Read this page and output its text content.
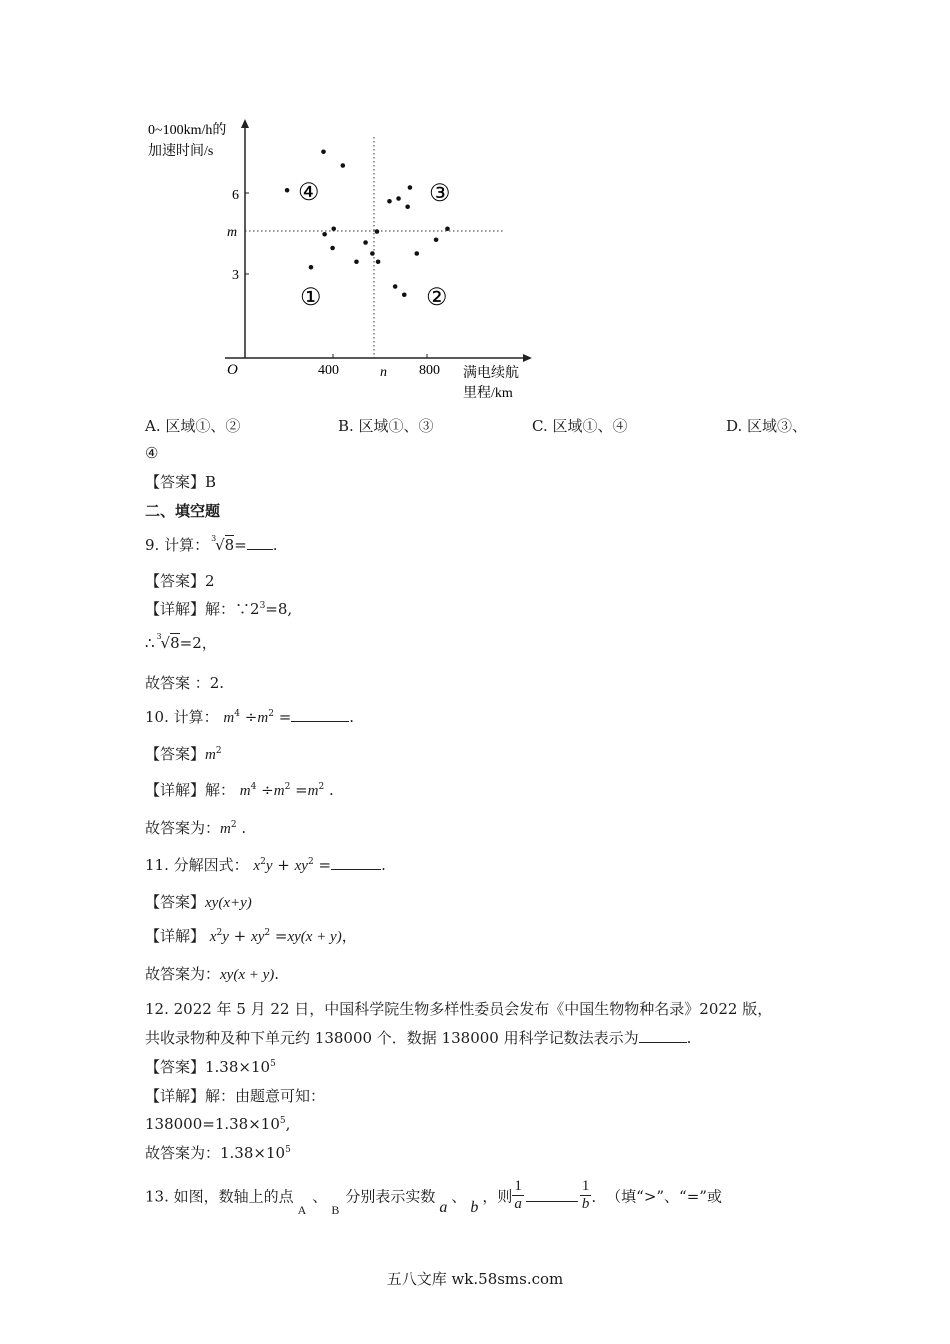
0~100km/h的
加速时间/s
6
m
3
O	400	n 800 满电续航
里程/km
①	②
③
④
A. 区域①、②	B. 区域①、③	C. 区域①、④	D. 区域③、
④
【答案】B
二、填空题
9. 计算： 3
√8= .
【答案】2
【详解】解：$\because 2^3=8$,
∴ 3
√8=2，
故答案 ：2.
10. 计算： $m^4 \div m^2$ =	.
【答案】$m^2$
【详解】解： $m^4 \div m^2 =m^2$ .
故答案为：$m^2$ .
11. 分解因式： $x^2y + xy^2$ =	.
【答案】xy(x+y)
【详解】 $x^2y + xy^2 =xy(x + y)$，
故答案为：xy(x + y).
12. 2022 年 5 月 22 日，中国科学院生物多样性委员会发布《中国生物物种名录》2022 版，
共收录物种及种下单元约 138000 个．数据 138000 用科学记数法表示为	.
【答案】$1.38\times 10^5$
【详解】解：由题意可知：
$138000=1.38\times 10^5$,
故答案为：$1.38\times 10^5$
13. 如图，数轴上的点$_A$、$_B$分别表示实数a、b，则 $\frac{1}{a}$	$\frac{1}{b}$ . （填“>”、“=”或
五八文库 wk.58sms.com
